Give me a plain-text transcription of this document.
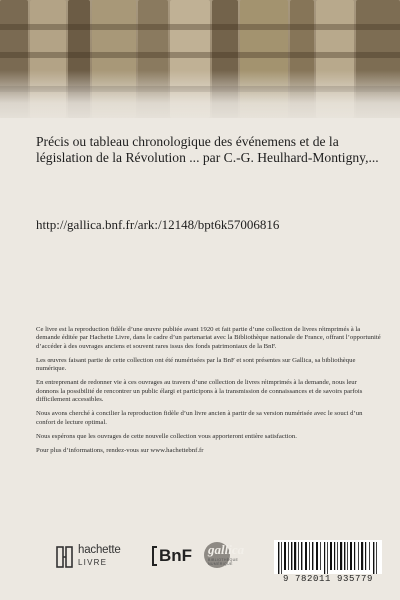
Précis ou tableau chronologique des événemens et de la législation de la Révolution ... par C.-G. Heulhard-Montigny,...
http://gallica.bnf.fr/ark:/12148/bpt6k57006816

Ce livre est la reproduction fidèle d’une œuvre publiée avant 1920 et fait partie d’une collection de livres réimprimés à la demande éditée par Hachette Livre, dans le cadre d’un partenariat avec la Bibliothèque nationale de France, offrant l’opportunité d’accéder à des ouvrages anciens et souvent rares issus des fonds patrimoniaux de la BnF.

Les œuvres faisant partie de cette collection ont été numérisées par la BnF et sont présentes sur Gallica, sa bibliothèque numérique.

En entreprenant de redonner vie à ces ouvrages au travers d’une collection de livres réimprimés à la demande, nous leur donnons la possibilité de rencontrer un public élargi et participons à la transmission de connaissances et de savoirs parfois difficilement accessibles.

Nous avons cherché à concilier la reproduction fidèle d’un livre ancien à partir de sa version numérisée avec le souci d’un confort de lecture optimal.

Nous espérons que les ouvrages de cette nouvelle collection vous apporteront entière satisfaction.

Pour plus d’informations, rendez-vous sur www.hachettebnf.fr

hachette
LIVRE	BnF gallica
BIBLIOTHÈQUE NUMÉRIQUE
9 782011 935779
